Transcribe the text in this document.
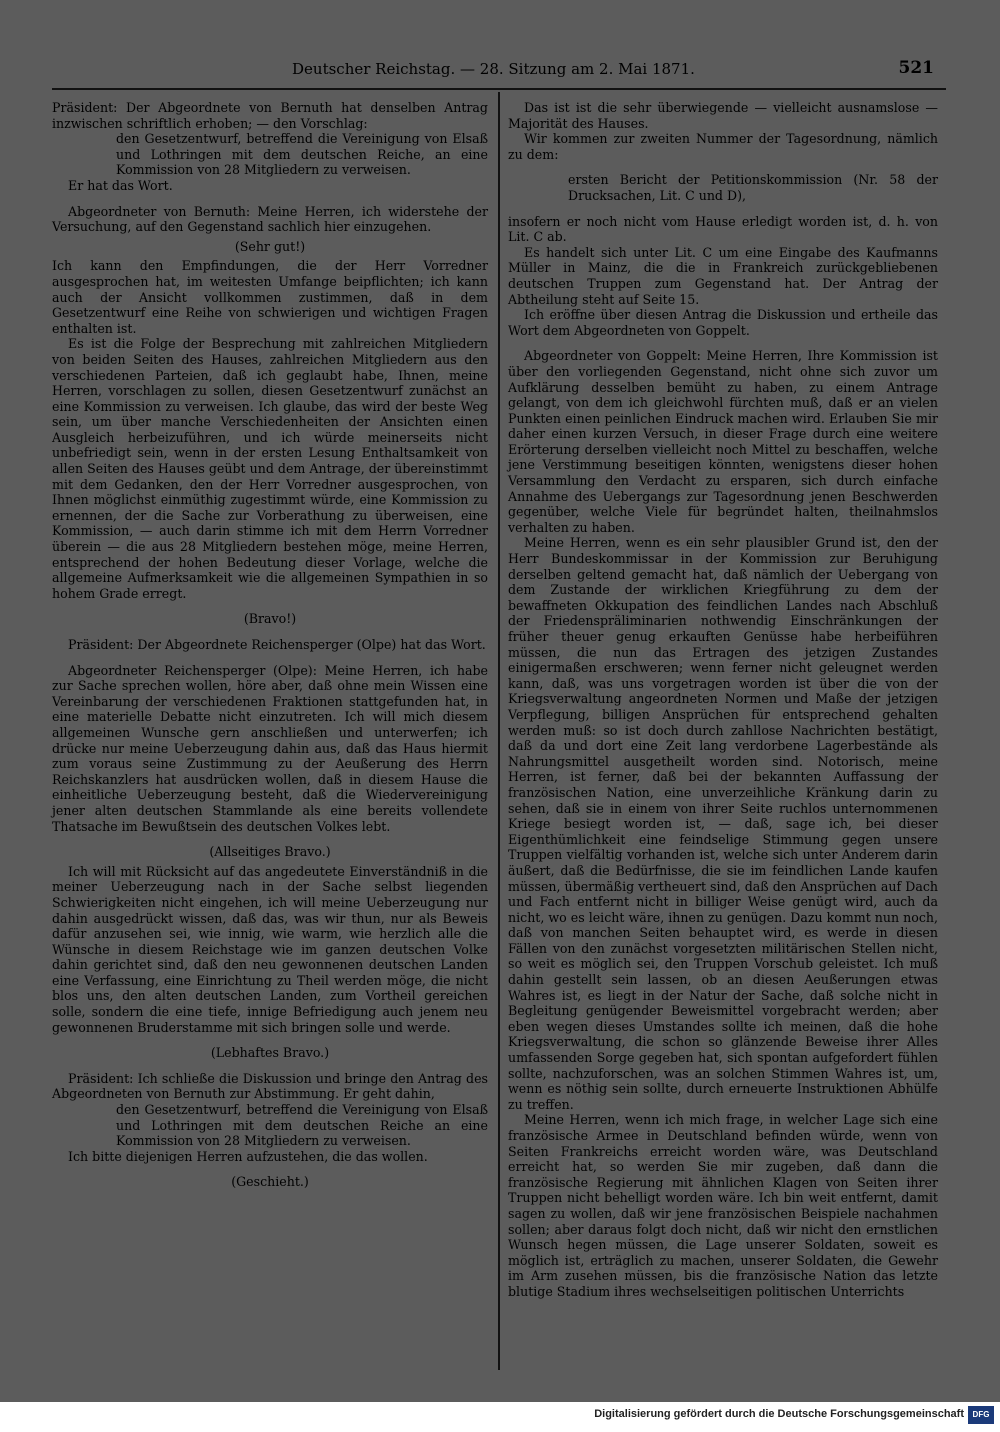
Deutscher Reichstag. — 28. Sitzung am 2. Mai 1871.	521

Präsident: Der Abgeordnete von Bernuth hat denselben Antrag inzwischen schriftlich erhoben; — den Vorschlag:

den Gesetzentwurf, betreffend die Vereinigung von Elsaß und Lothringen mit dem deutschen Reiche, an eine Kommission von 28 Mitgliedern zu verweisen.

Er hat das Wort.

Abgeordneter von Bernuth: Meine Herren, ich widerstehe der Versuchung, auf den Gegenstand sachlich hier einzugehen.

(Sehr gut!)

Ich kann den Empfindungen, die der Herr Vorredner ausgesprochen hat, im weitesten Umfange beipflichten; ich kann auch der Ansicht vollkommen zustimmen, daß in dem Gesetzentwurf eine Reihe von schwierigen und wichtigen Fragen enthalten ist.

Es ist die Folge der Besprechung mit zahlreichen Mitgliedern von beiden Seiten des Hauses, zahlreichen Mitgliedern aus den verschiedenen Parteien, daß ich geglaubt habe, Ihnen, meine Herren, vorschlagen zu sollen, diesen Gesetzentwurf zunächst an eine Kommission zu verweisen. Ich glaube, das wird der beste Weg sein, um über manche Verschiedenheiten der Ansichten einen Ausgleich herbeizuführen, und ich würde meinerseits nicht unbefriedigt sein, wenn in der ersten Lesung Enthaltsamkeit von allen Seiten des Hauses geübt und dem Antrage, der übereinstimmt mit dem Gedanken, den der Herr Vorredner ausgesprochen, von Ihnen möglichst einmüthig zugestimmt würde, eine Kommission zu ernennen, der die Sache zur Vorberathung zu überweisen, eine Kommission, — auch darin stimme ich mit dem Herrn Vorredner überein — die aus 28 Mitgliedern bestehen möge, meine Herren, entsprechend der hohen Bedeutung dieser Vorlage, welche die allgemeine Aufmerksamkeit wie die allgemeinen Sympathien in so hohem Grade erregt.

(Bravo!)

Präsident: Der Abgeordnete Reichensperger (Olpe) hat das Wort.

Abgeordneter Reichensperger (Olpe): Meine Herren, ich habe zur Sache sprechen wollen, höre aber, daß ohne mein Wissen eine Vereinbarung der verschiedenen Fraktionen stattgefunden hat, in eine materielle Debatte nicht einzutreten. Ich will mich diesem allgemeinen Wunsche gern anschließen und unterwerfen; ich drücke nur meine Ueberzeugung dahin aus, daß das Haus hiermit zum voraus seine Zustimmung zu der Aeußerung des Herrn Reichskanzlers hat ausdrücken wollen, daß in diesem Hause die einheitliche Ueberzeugung besteht, daß die Wiedervereinigung jener alten deutschen Stammlande als eine bereits vollendete Thatsache im Bewußtsein des deutschen Volkes lebt.

(Allseitiges Bravo.)

Ich will mit Rücksicht auf das angedeutete Einverständniß in die meiner Ueberzeugung nach in der Sache selbst liegenden Schwierigkeiten nicht eingehen, ich will meine Ueberzeugung nur dahin ausgedrückt wissen, daß das, was wir thun, nur als Beweis dafür anzusehen sei, wie innig, wie warm, wie herzlich alle die Wünsche in diesem Reichstage wie im ganzen deutschen Volke dahin gerichtet sind, daß den neu gewonnenen deutschen Landen eine Verfassung, eine Einrichtung zu Theil werden möge, die nicht blos uns, den alten deutschen Landen, zum Vortheil gereichen solle, sondern die eine tiefe, innige Befriedigung auch jenem neu gewonnenen Bruderstamme mit sich bringen solle und werde.

(Lebhaftes Bravo.)

Präsident: Ich schließe die Diskussion und bringe den Antrag des Abgeordneten von Bernuth zur Abstimmung. Er geht dahin,

den Gesetzentwurf, betreffend die Vereinigung von Elsaß und Lothringen mit dem deutschen Reiche an eine Kommission von 28 Mitgliedern zu verweisen.

Ich bitte diejenigen Herren aufzustehen, die das wollen.

(Geschieht.)

Das ist ist die sehr überwiegende — vielleicht ausnamslose — Majorität des Hauses.

Wir kommen zur zweiten Nummer der Tagesordnung, nämlich zu dem:

ersten Bericht der Petitionskommission (Nr. 58 der Drucksachen, Lit. C und D),

insofern er noch nicht vom Hause erledigt worden ist, d. h. von Lit. C ab.

Es handelt sich unter Lit. C um eine Eingabe des Kaufmanns Müller in Mainz, die die in Frankreich zurückgebliebenen deutschen Truppen zum Gegenstand hat. Der Antrag der Abtheilung steht auf Seite 15.

Ich eröffne über diesen Antrag die Diskussion und ertheile das Wort dem Abgeordneten von Goppelt.

Abgeordneter von Goppelt: Meine Herren, Ihre Kommission ist über den vorliegenden Gegenstand, nicht ohne sich zuvor um Aufklärung desselben bemüht zu haben, zu einem Antrage gelangt, von dem ich gleichwohl fürchten muß, daß er an vielen Punkten einen peinlichen Eindruck machen wird. Erlauben Sie mir daher einen kurzen Versuch, in dieser Frage durch eine weitere Erörterung derselben vielleicht noch Mittel zu beschaffen, welche jene Verstimmung beseitigen könnten, wenigstens dieser hohen Versammlung den Verdacht zu ersparen, sich durch einfache Annahme des Uebergangs zur Tagesordnung jenen Beschwerden gegenüber, welche Viele für begründet halten, theilnahmslos verhalten zu haben.

Meine Herren, wenn es ein sehr plausibler Grund ist, den der Herr Bundeskommissar in der Kommission zur Beruhigung derselben geltend gemacht hat, daß nämlich der Uebergang von dem Zustande der wirklichen Kriegführung zu dem der bewaffneten Okkupation des feindlichen Landes nach Abschluß der Friedenspräliminarien nothwendig Einschränkungen der früher theuer genug erkauften Genüsse habe herbeiführen müssen, die nun das Ertragen des jetzigen Zustandes einigermaßen erschweren; wenn ferner nicht geleugnet werden kann, daß, was uns vorgetragen worden ist über die von der Kriegsverwaltung angeordneten Normen und Maße der jetzigen Verpflegung, billigen Ansprüchen für entsprechend gehalten werden muß: so ist doch durch zahllose Nachrichten bestätigt, daß da und dort eine Zeit lang verdorbene Lagerbestände als Nahrungsmittel ausgetheilt worden sind. Notorisch, meine Herren, ist ferner, daß bei der bekannten Auffassung der französischen Nation, eine unverzeihliche Kränkung darin zu sehen, daß sie in einem von ihrer Seite ruchlos unternommenen Kriege besiegt worden ist, — daß, sage ich, bei dieser Eigenthümlichkeit eine feindselige Stimmung gegen unsere Truppen vielfältig vorhanden ist, welche sich unter Anderem darin äußert, daß die Bedürfnisse, die sie im feindlichen Lande kaufen müssen, übermäßig vertheuert sind, daß den Ansprüchen auf Dach und Fach entfernt nicht in billiger Weise genügt wird, auch da nicht, wo es leicht wäre, ihnen zu genügen. Dazu kommt nun noch, daß von manchen Seiten behauptet wird, es werde in diesen Fällen von den zunächst vorgesetzten militärischen Stellen nicht, so weit es möglich sei, den Truppen Vorschub geleistet. Ich muß dahin gestellt sein lassen, ob an diesen Aeußerungen etwas Wahres ist, es liegt in der Natur der Sache, daß solche nicht in Begleitung genügender Beweismittel vorgebracht werden; aber eben wegen dieses Umstandes sollte ich meinen, daß die hohe Kriegsverwaltung, die schon so glänzende Beweise ihrer Alles umfassenden Sorge gegeben hat, sich spontan aufgefordert fühlen sollte, nachzuforschen, was an solchen Stimmen Wahres ist, um, wenn es nöthig sein sollte, durch erneuerte Instruktionen Abhülfe zu treffen.

Meine Herren, wenn ich mich frage, in welcher Lage sich eine französische Armee in Deutschland befinden würde, wenn von Seiten Frankreichs erreicht worden wäre, was Deutschland erreicht hat, so werden Sie mir zugeben, daß dann die französische Regierung mit ähnlichen Klagen von Seiten ihrer Truppen nicht behelligt worden wäre. Ich bin weit entfernt, damit sagen zu wollen, daß wir jene französischen Beispiele nachahmen sollen; aber daraus folgt doch nicht, daß wir nicht den ernstlichen Wunsch hegen müssen, die Lage unserer Soldaten, soweit es möglich ist, erträglich zu machen, unserer Soldaten, die Gewehr im Arm zusehen müssen, bis die französische Nation das letzte blutige Stadium ihres wechselseitigen politischen Unterrichts

Digitalisierung gefördert durch die Deutsche Forschungsgemeinschaft	DFG
